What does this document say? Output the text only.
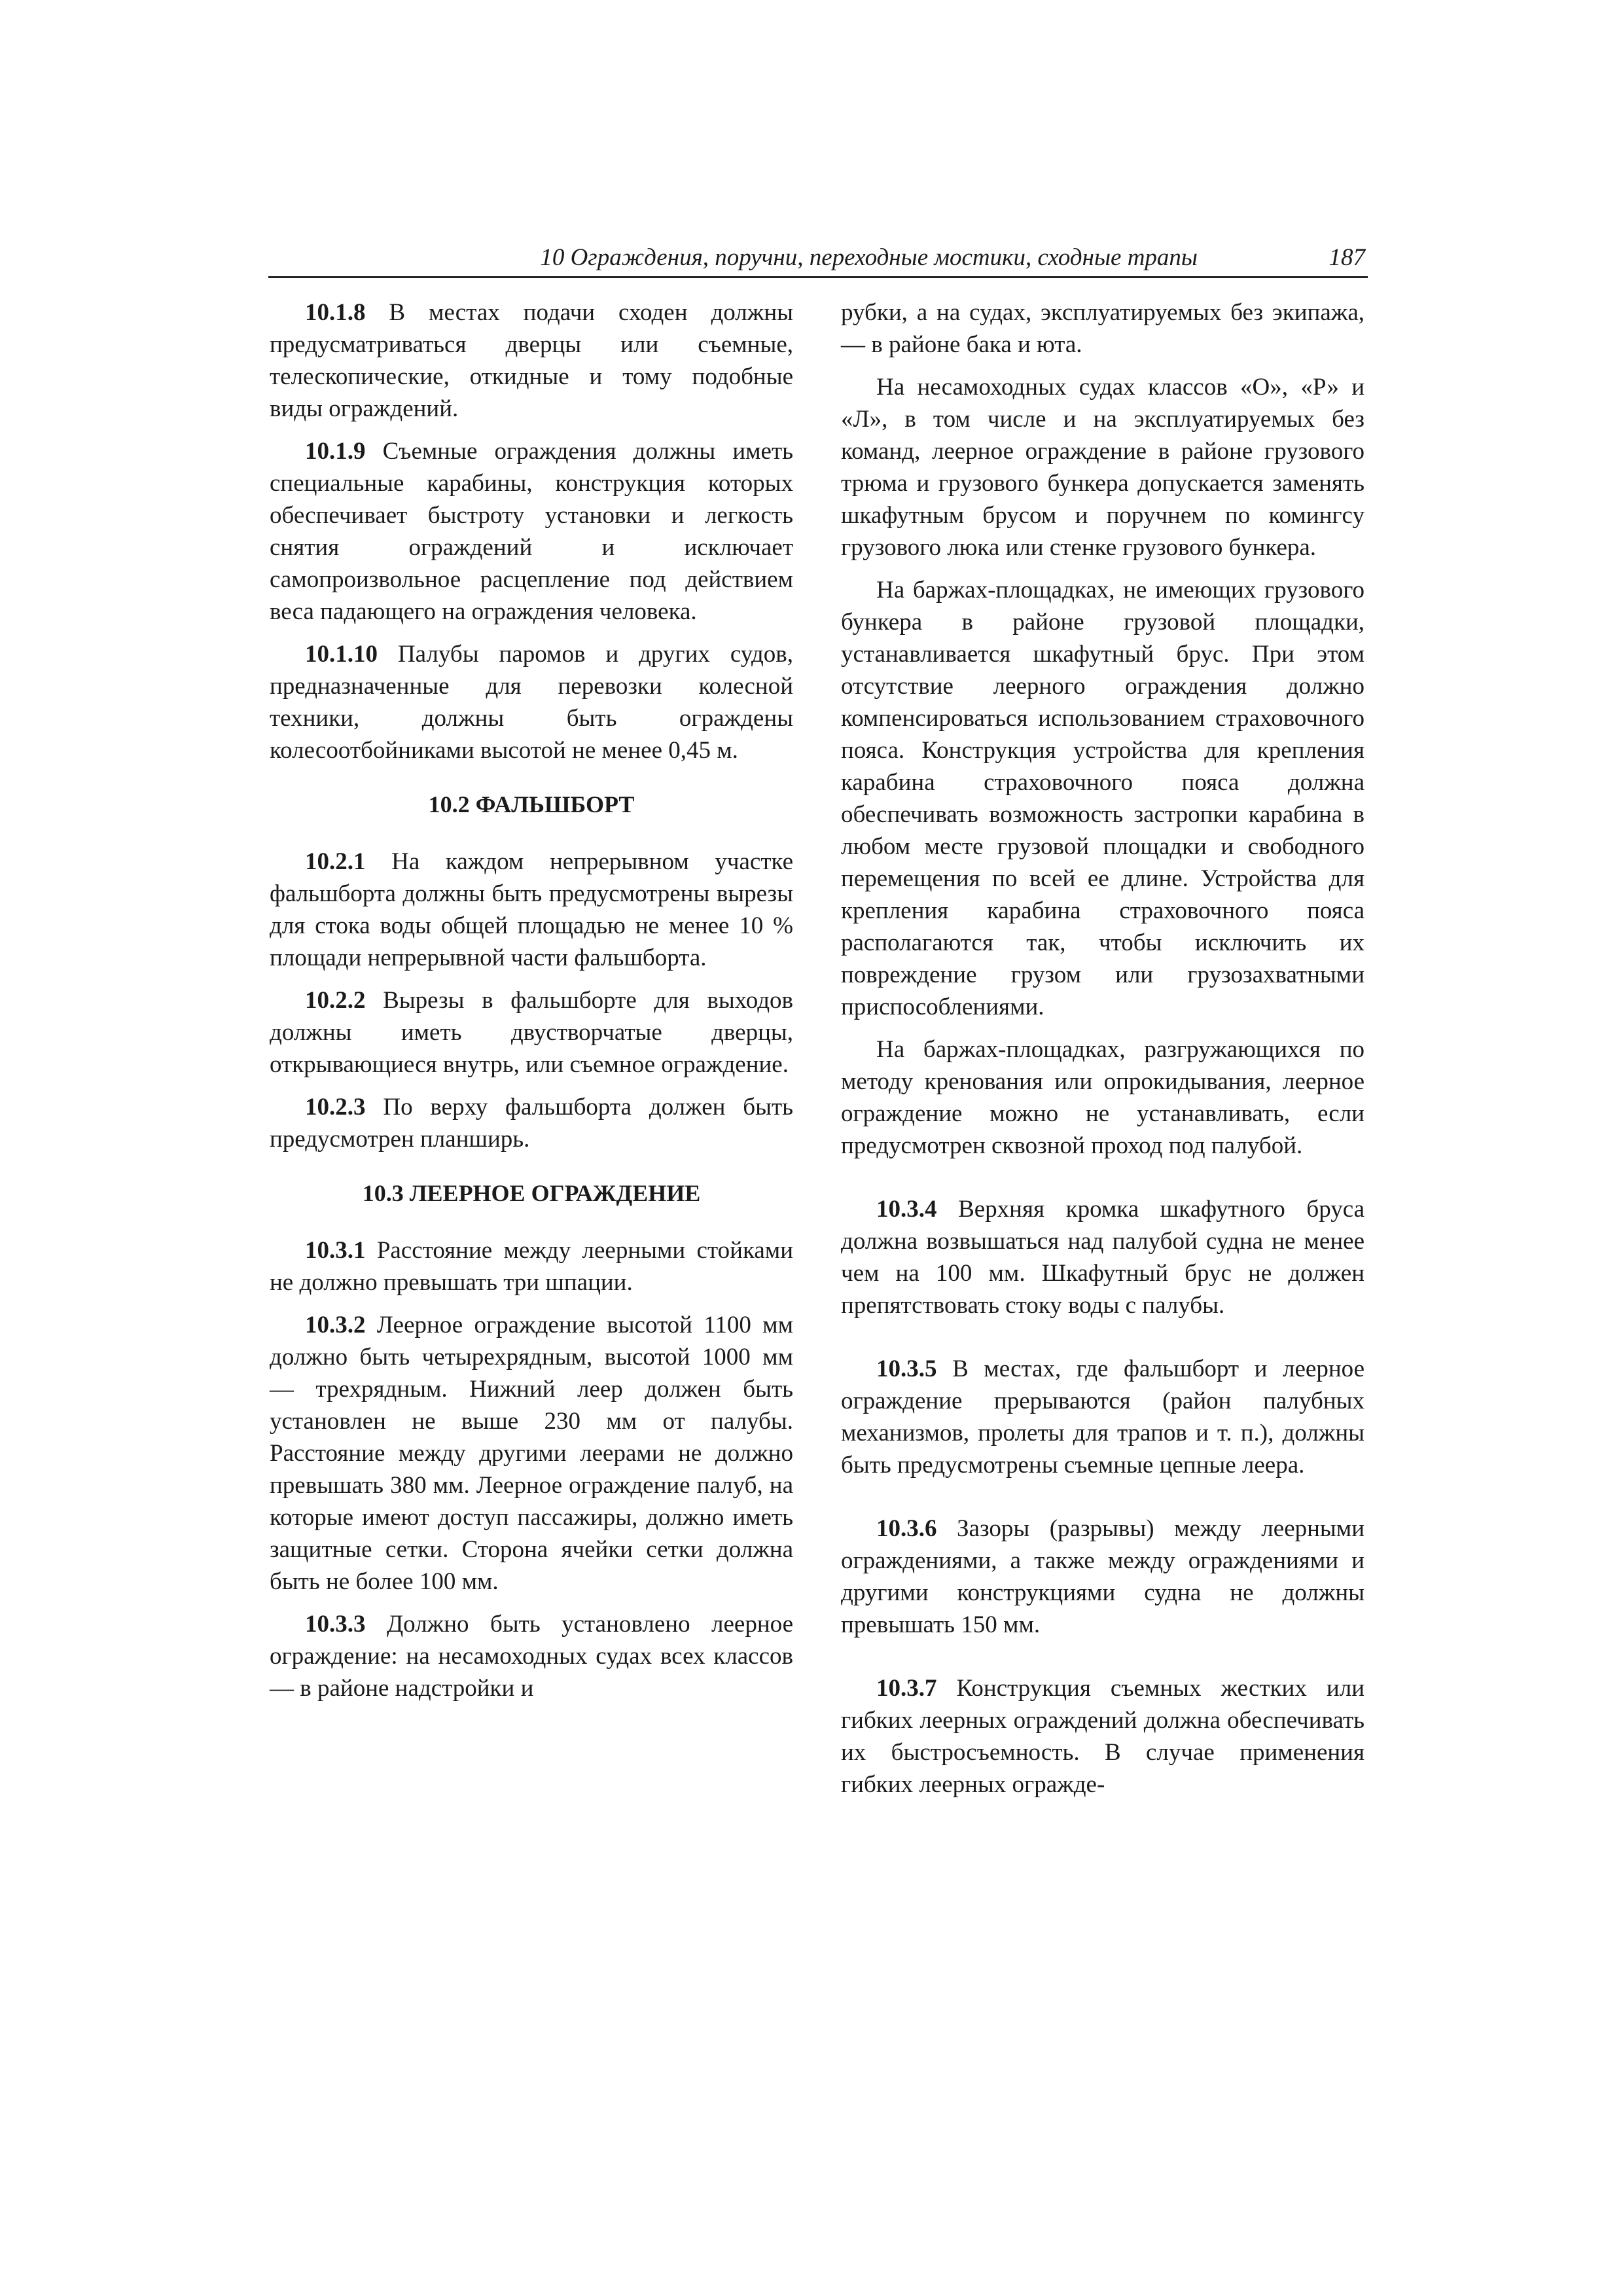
10 Ограждения, поручни, переходные мостики, сходные трапы	187

10.1.8 В местах подачи сходен должны предусматриваться дверцы или съемные, телескопические, откидные и тому подобные виды ограждений.

10.1.9 Съемные ограждения должны иметь специальные карабины, конструкция которых обеспечивает быстроту установки и легкость снятия ограждений и исключает самопроизвольное расцепление под действием веса падающего на ограждения человека.

10.1.10 Палубы паромов и других судов, предназначенные для перевозки колесной техники, должны быть ограждены колесоотбойниками высотой не менее 0,45 м.

10.2 ФАЛЬШБОРТ

10.2.1 На каждом непрерывном участке фальшборта должны быть предусмотрены вырезы для стока воды общей площадью не менее 10 % площади непрерывной части фальшборта.

10.2.2 Вырезы в фальшборте для выходов должны иметь двустворчатые дверцы, открывающиеся внутрь, или съемное ограждение.

10.2.3 По верху фальшборта должен быть предусмотрен планширь.

10.3 ЛЕЕРНОЕ ОГРАЖДЕНИЕ

10.3.1 Расстояние между леерными стойками не должно превышать три шпации.

10.3.2 Леерное ограждение высотой 1100 мм должно быть четырехрядным, высотой 1000 мм — трехрядным. Нижний леер должен быть установлен не выше 230 мм от палубы. Расстояние между другими леерами не должно превышать 380 мм. Леерное ограждение палуб, на которые имеют доступ пассажиры, должно иметь защитные сетки. Сторона ячейки сетки должна быть не более 100 мм.

10.3.3 Должно быть установлено леерное ограждение: на несамоходных судах всех классов — в районе надстройки и

рубки, а на судах, эксплуатируемых без экипажа, — в районе бака и юта.

На несамоходных судах классов «О», «Р» и «Л», в том числе и на эксплуатируемых без команд, леерное ограждение в районе грузового трюма и грузового бункера допускается заменять шкафутным брусом и поручнем по комингсу грузового люка или стенке грузового бункера.

На баржах-площадках, не имеющих грузового бункера в районе грузовой площадки, устанавливается шкафутный брус. При этом отсутствие леерного ограждения должно компенсироваться использованием страховочного пояса. Конструкция устройства для крепления карабина страховочного пояса должна обеспечивать возможность застропки карабина в любом месте грузовой площадки и свободного перемещения по всей ее длине. Устройства для крепления карабина страховочного пояса располагаются так, чтобы исключить их повреждение грузом или грузозахватными приспособлениями.

На баржах-площадках, разгружающихся по методу кренования или опрокидывания, леерное ограждение можно не устанавливать, если предусмотрен сквозной проход под палубой.

10.3.4 Верхняя кромка шкафутного бруса должна возвышаться над палубой судна не менее чем на 100 мм. Шкафутный брус не должен препятствовать стоку воды с палубы.

10.3.5 В местах, где фальшборт и леерное ограждение прерываются (район палубных механизмов, пролеты для трапов и т. п.), должны быть предусмотрены съемные цепные леера.

10.3.6 Зазоры (разрывы) между леерными ограждениями, а также между ограждениями и другими конструкциями судна не должны превышать 150 мм.

10.3.7 Конструкция съемных жестких или гибких леерных ограждений должна обеспечивать их быстросъемность. В случае применения гибких леерных огражде-
